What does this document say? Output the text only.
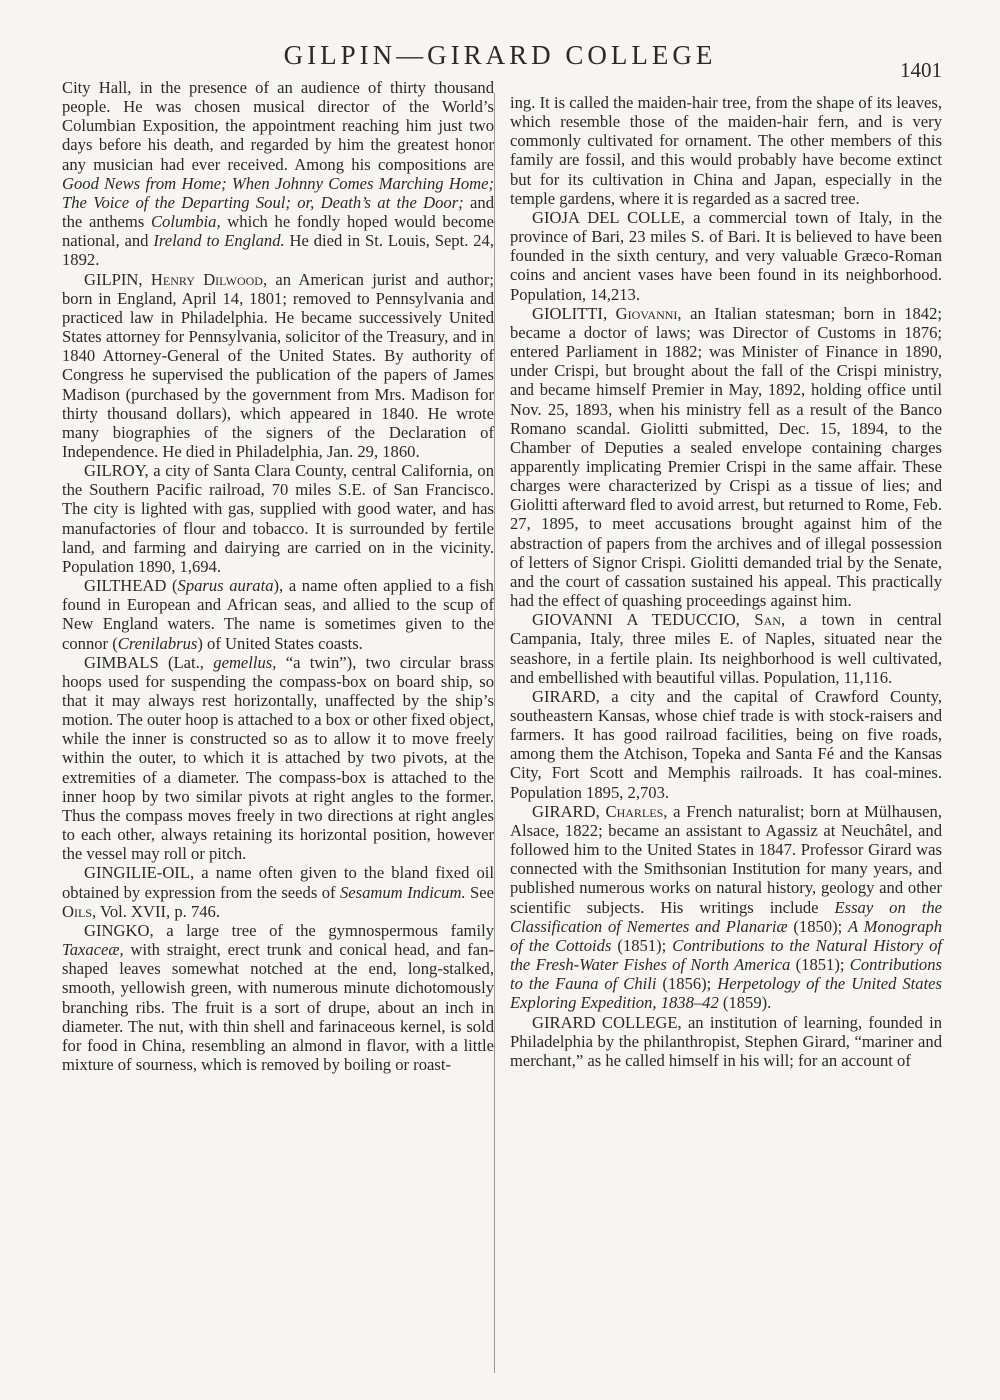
GILPIN—GIRARD COLLEGE	1401

City Hall, in the presence of an audience of thirty thousand people. He was chosen musical director of the World’s Columbian Exposition, the appointment reaching him just two days before his death, and regarded by him the greatest honor any musician had ever received. Among his compositions are Good News from Home; When Johnny Comes Marching Home; The Voice of the Departing Soul; or, Death’s at the Door; and the anthems Columbia, which he fondly hoped would become national, and Ireland to England. He died in St. Louis, Sept. 24, 1892.

GILPIN, Henry Dilwood, an American jurist and author; born in England, April 14, 1801; removed to Pennsylvania and practiced law in Philadelphia. He became successively United States attorney for Pennsylvania, solicitor of the Treasury, and in 1840 Attorney-General of the United States. By authority of Congress he supervised the publication of the papers of James Madison (purchased by the government from Mrs. Madison for thirty thousand dollars), which appeared in 1840. He wrote many biographies of the signers of the Declaration of Independence. He died in Philadelphia, Jan. 29, 1860.

GILROY, a city of Santa Clara County, central California, on the Southern Pacific railroad, 70 miles S.E. of San Francisco. The city is lighted with gas, supplied with good water, and has manufactories of flour and tobacco. It is surrounded by fertile land, and farming and dairying are carried on in the vicinity. Population 1890, 1,694.

GILTHEAD (Sparus aurata), a name often applied to a fish found in European and African seas, and allied to the scup of New England waters. The name is sometimes given to the connor (Crenilabrus) of United States coasts.

GIMBALS (Lat., gemellus, “a twin”), two circular brass hoops used for suspending the compass-box on board ship, so that it may always rest horizontally, unaffected by the ship’s motion. The outer hoop is attached to a box or other fixed object, while the inner is constructed so as to allow it to move freely within the outer, to which it is attached by two pivots, at the extremities of a diameter. The compass-box is attached to the inner hoop by two similar pivots at right angles to the former. Thus the compass moves freely in two directions at right angles to each other, always retaining its horizontal position, however the vessel may roll or pitch.

GINGILIE-OIL, a name often given to the bland fixed oil obtained by expression from the seeds of Sesamum Indicum. See Oils, Vol. XVII, p. 746.

GINGKO, a large tree of the gymnospermous family Taxaceæ, with straight, erect trunk and conical head, and fan-shaped leaves somewhat notched at the end, long-stalked, smooth, yellowish green, with numerous minute dichotomously branching ribs. The fruit is a sort of drupe, about an inch in diameter. The nut, with thin shell and farinaceous kernel, is sold for food in China, resembling an almond in flavor, with a little mixture of sourness, which is removed by boiling or roast-

ing. It is called the maiden-hair tree, from the shape of its leaves, which resemble those of the maiden-hair fern, and is very commonly cultivated for ornament. The other members of this family are fossil, and this would probably have become extinct but for its cultivation in China and Japan, especially in the temple gardens, where it is regarded as a sacred tree.

GIOJA DEL COLLE, a commercial town of Italy, in the province of Bari, 23 miles S. of Bari. It is believed to have been founded in the sixth century, and very valuable Græco-Roman coins and ancient vases have been found in its neighborhood. Population, 14,213.

GIOLITTI, Giovanni, an Italian statesman; born in 1842; became a doctor of laws; was Director of Customs in 1876; entered Parliament in 1882; was Minister of Finance in 1890, under Crispi, but brought about the fall of the Crispi ministry, and became himself Premier in May, 1892, holding office until Nov. 25, 1893, when his ministry fell as a result of the Banco Romano scandal. Giolitti submitted, Dec. 15, 1894, to the Chamber of Deputies a sealed envelope containing charges apparently implicating Premier Crispi in the same affair. These charges were characterized by Crispi as a tissue of lies; and Giolitti afterward fled to avoid arrest, but returned to Rome, Feb. 27, 1895, to meet accusations brought against him of the abstraction of papers from the archives and of illegal possession of letters of Signor Crispi. Giolitti demanded trial by the Senate, and the court of cassation sustained his appeal. This practically had the effect of quashing proceedings against him.

GIOVANNI A TEDUCCIO, San, a town in central Campania, Italy, three miles E. of Naples, situated near the seashore, in a fertile plain. Its neighborhood is well cultivated, and embellished with beautiful villas. Population, 11,116.

GIRARD, a city and the capital of Crawford County, southeastern Kansas, whose chief trade is with stock-raisers and farmers. It has good railroad facilities, being on five roads, among them the Atchison, Topeka and Santa Fé and the Kansas City, Fort Scott and Memphis railroads. It has coal-mines. Population 1895, 2,703.

GIRARD, Charles, a French naturalist; born at Mülhausen, Alsace, 1822; became an assistant to Agassiz at Neuchâtel, and followed him to the United States in 1847. Professor Girard was connected with the Smithsonian Institution for many years, and published numerous works on natural history, geology and other scientific subjects. His writings include Essay on the Classification of Nemertes and Planariæ (1850); A Monograph of the Cottoids (1851); Contributions to the Natural History of the Fresh-Water Fishes of North America (1851); Contributions to the Fauna of Chili (1856); Herpetology of the United States Exploring Expedition, 1838–42 (1859).

GIRARD COLLEGE, an institution of learning, founded in Philadelphia by the philanthropist, Stephen Girard, “mariner and merchant,” as he called himself in his will; for an account of
